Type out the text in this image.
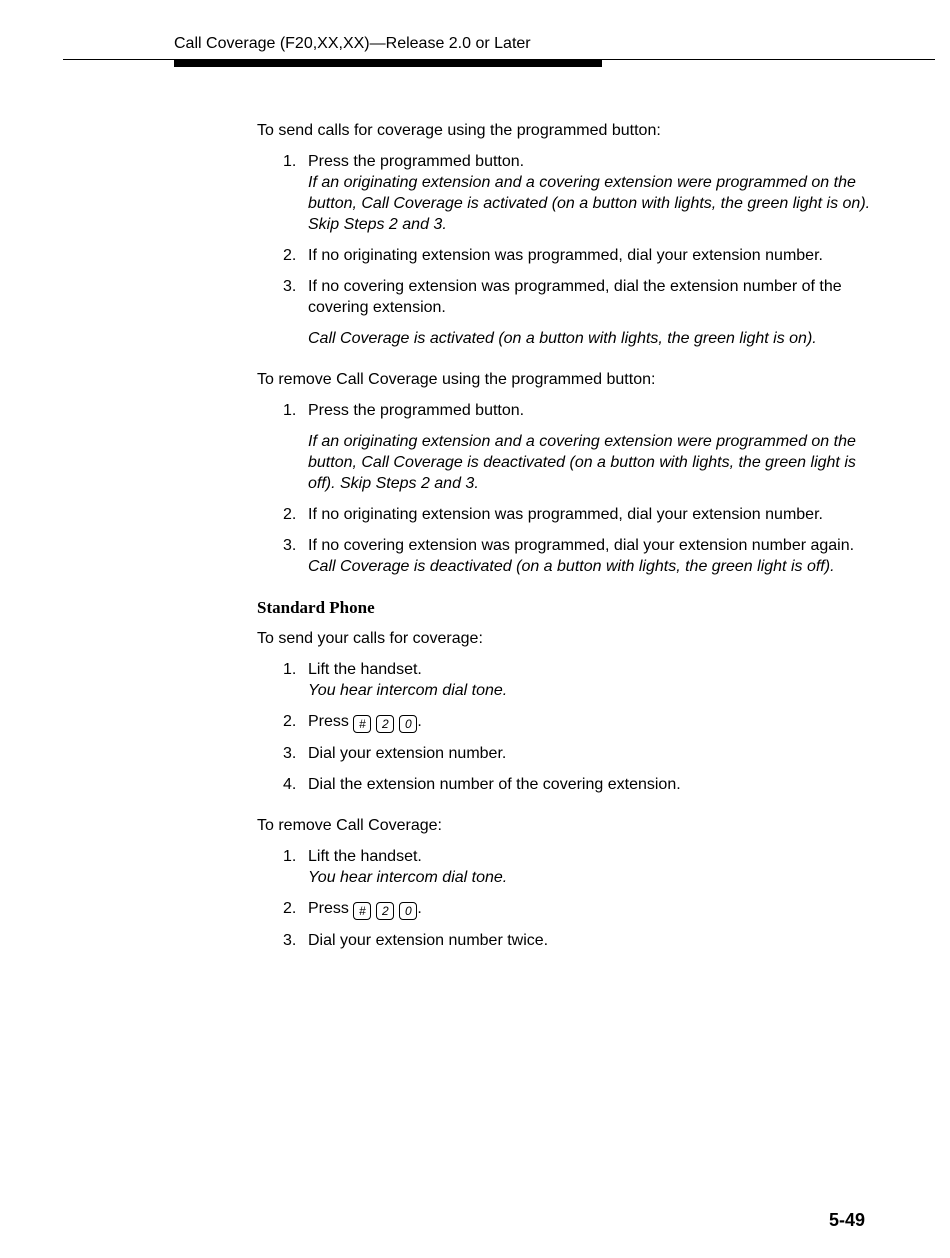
Call Coverage (F20,XX,XX)—Release 2.0 or Later

To send calls for coverage using the programmed button:

1. Press the programmed button.
If an originating extension and a covering extension were programmed on the button, Call Coverage is activated (on a button with lights, the green light is on). Skip Steps 2 and 3.
2. If no originating extension was programmed, dial your extension number.
3. If no covering extension was programmed, dial the extension number of the covering extension.
Call Coverage is activated (on a button with lights, the green light is on).

To remove Call Coverage using the programmed button:

1. Press the programmed button.
If an originating extension and a covering extension were programmed on the button, Call Coverage is deactivated (on a button with lights, the green light is off). Skip Steps 2 and 3.
2. If no originating extension was programmed, dial your extension number.
3. If no covering extension was programmed, dial your extension number again.
Call Coverage is deactivated (on a button with lights, the green light is off).
Standard Phone

To send your calls for coverage:

1. Lift the handset.
You hear intercom dial tone.
2. Press # 2 0 .
3. Dial your extension number.
4. Dial the extension number of the covering extension.

To remove Call Coverage:

1. Lift the handset.
You hear intercom dial tone.
2. Press # 2 0 .
3. Dial your extension number twice.
5-49
